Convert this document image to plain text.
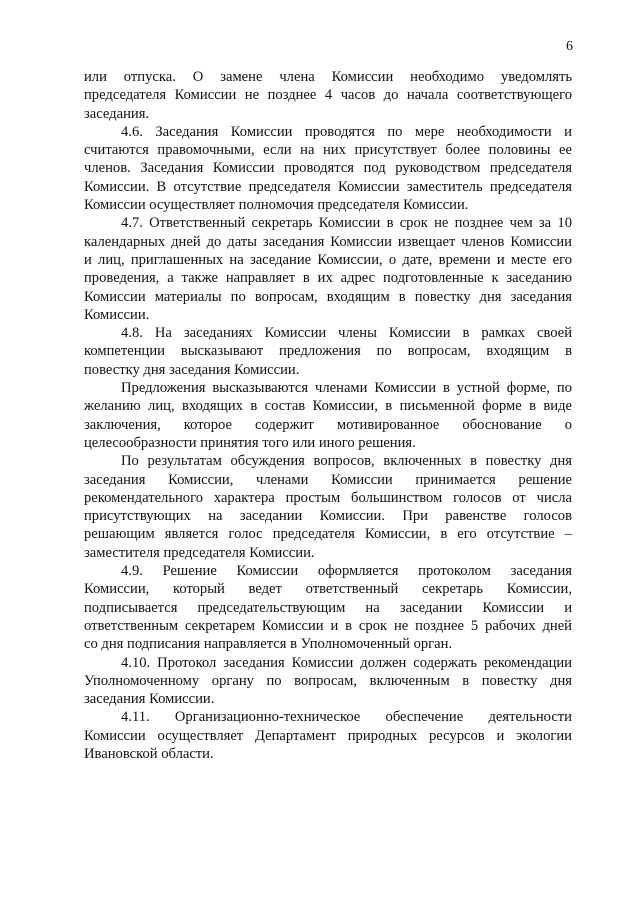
6
или отпуска. О замене члена Комиссии необходимо уведомлять
председателя Комиссии не позднее 4 часов до начала соответствующего
заседания.
4.6. Заседания Комиссии проводятся по мере необходимости и
считаются правомочными, если на них присутствует более половины ее
членов. Заседания Комиссии проводятся под руководством председателя
Комиссии. В отсутствие председателя Комиссии заместитель председателя
Комиссии осуществляет полномочия председателя Комиссии.
4.7. Ответственный секретарь Комиссии в срок не позднее чем за 10
календарных дней до даты заседания Комиссии извещает членов Комиссии
и лиц, приглашенных на заседание Комиссии, о дате, времени и месте его
проведения, а также направляет в их адрес подготовленные к заседанию
Комиссии материалы по вопросам, входящим в повестку дня заседания
Комиссии.
4.8. На заседаниях Комиссии члены Комиссии в рамках своей
компетенции высказывают предложения по вопросам, входящим в
повестку дня заседания Комиссии.
Предложения высказываются членами Комиссии в устной форме, по
желанию лиц, входящих в состав Комиссии, в письменной форме в виде
заключения, которое содержит мотивированное обоснование о
целесообразности принятия того или иного решения.
По результатам обсуждения вопросов, включенных в повестку дня
заседания Комиссии, членами Комиссии принимается решение
рекомендательного характера простым большинством голосов от числа
присутствующих на заседании Комиссии. При равенстве голосов
решающим является голос председателя Комиссии, в его отсутствие –
заместителя председателя Комиссии.
4.9. Решение Комиссии оформляется протоколом заседания
Комиссии, который ведет ответственный секретарь Комиссии,
подписывается председательствующим на заседании Комиссии и
ответственным секретарем Комиссии и в срок не позднее 5 рабочих дней
со дня подписания направляется в Уполномоченный орган.
4.10. Протокол заседания Комиссии должен содержать рекомендации
Уполномоченному органу по вопросам, включенным в повестку дня
заседания Комиссии.
4.11. Организационно-техническое обеспечение деятельности
Комиссии осуществляет Департамент природных ресурсов и экологии
Ивановской области.
